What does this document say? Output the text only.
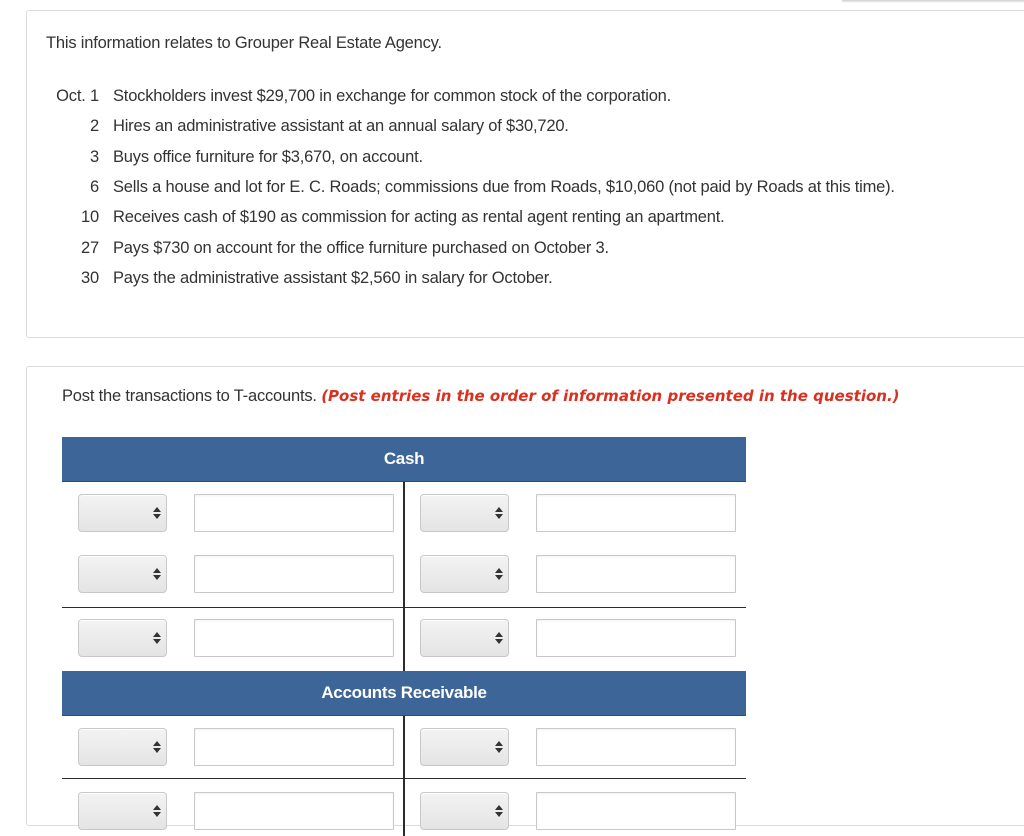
This information relates to Grouper Real Estate Agency.
Oct. 1 Stockholders invest $29,700 in exchange for common stock of the corporation.
2 Hires an administrative assistant at an annual salary of $30,720.
3 Buys office furniture for $3,670, on account.
6 Sells a house and lot for E. C. Roads; commissions due from Roads, $10,060 (not paid by Roads at this time).
10 Receives cash of $190 as commission for acting as rental agent renting an apartment.
27 Pays $730 on account for the office furniture purchased on October 3.
30 Pays the administrative assistant $2,560 in salary for October.
Post the transactions to T-accounts. (Post entries in the order of information presented in the question.)
Cash
Accounts Receivable
